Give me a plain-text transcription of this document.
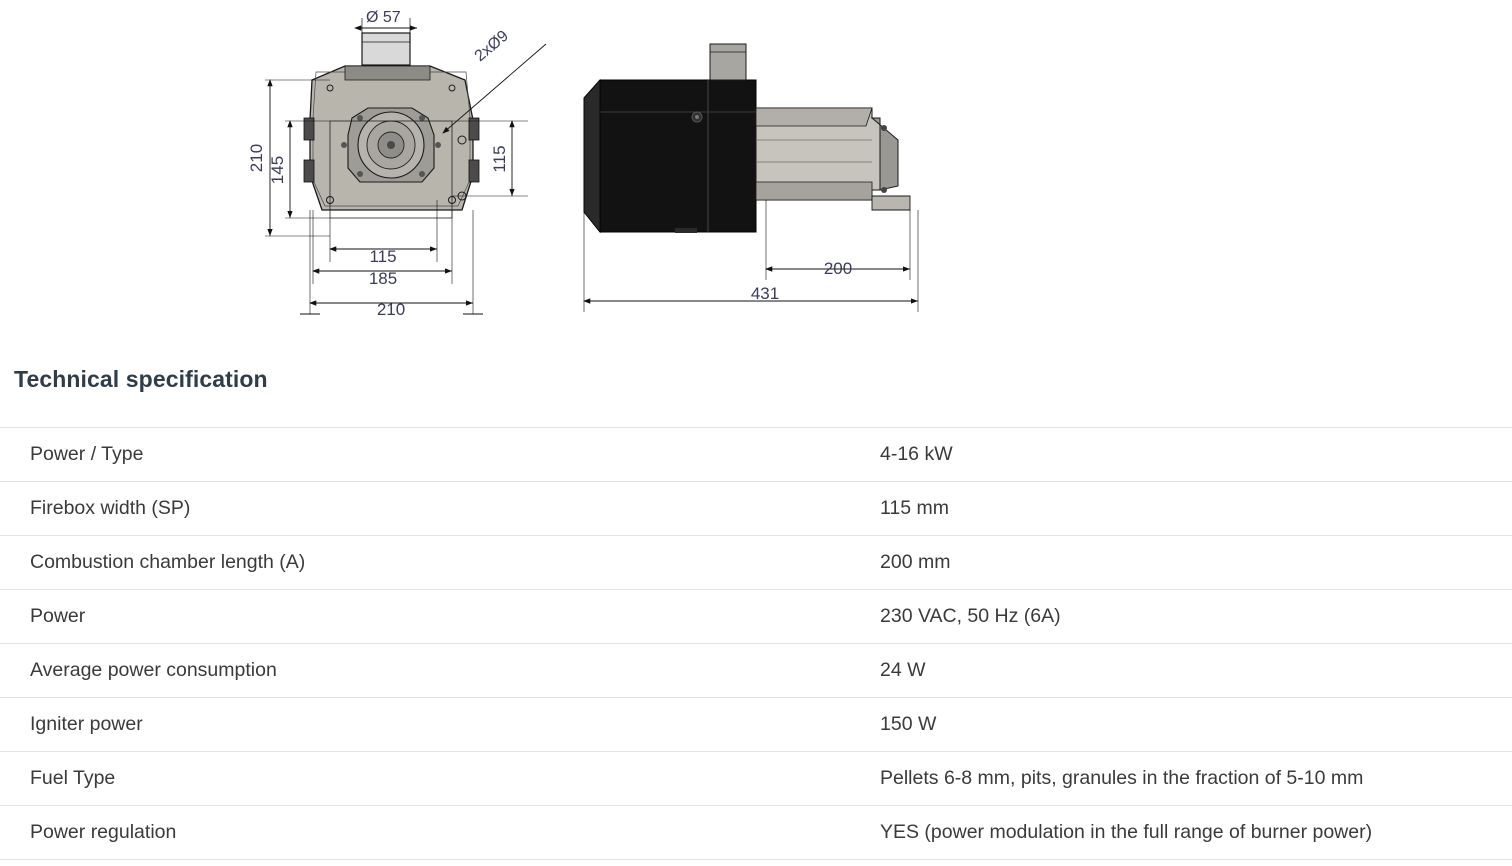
Ø 57
2xØ9
210 145	115
115
185
210
200
431
Technical specification
Power / Type	4-16 kW
Firebox width (SP)	115 mm
Combustion chamber length (A)	200 mm
Power	230 VAC, 50 Hz (6A)
Average power consumption	24 W
Igniter power	150 W
Fuel Type	Pellets 6-8 mm, pits, granules in the fraction of 5-10 mm
Power regulation	YES (power modulation in the full range of burner power)
